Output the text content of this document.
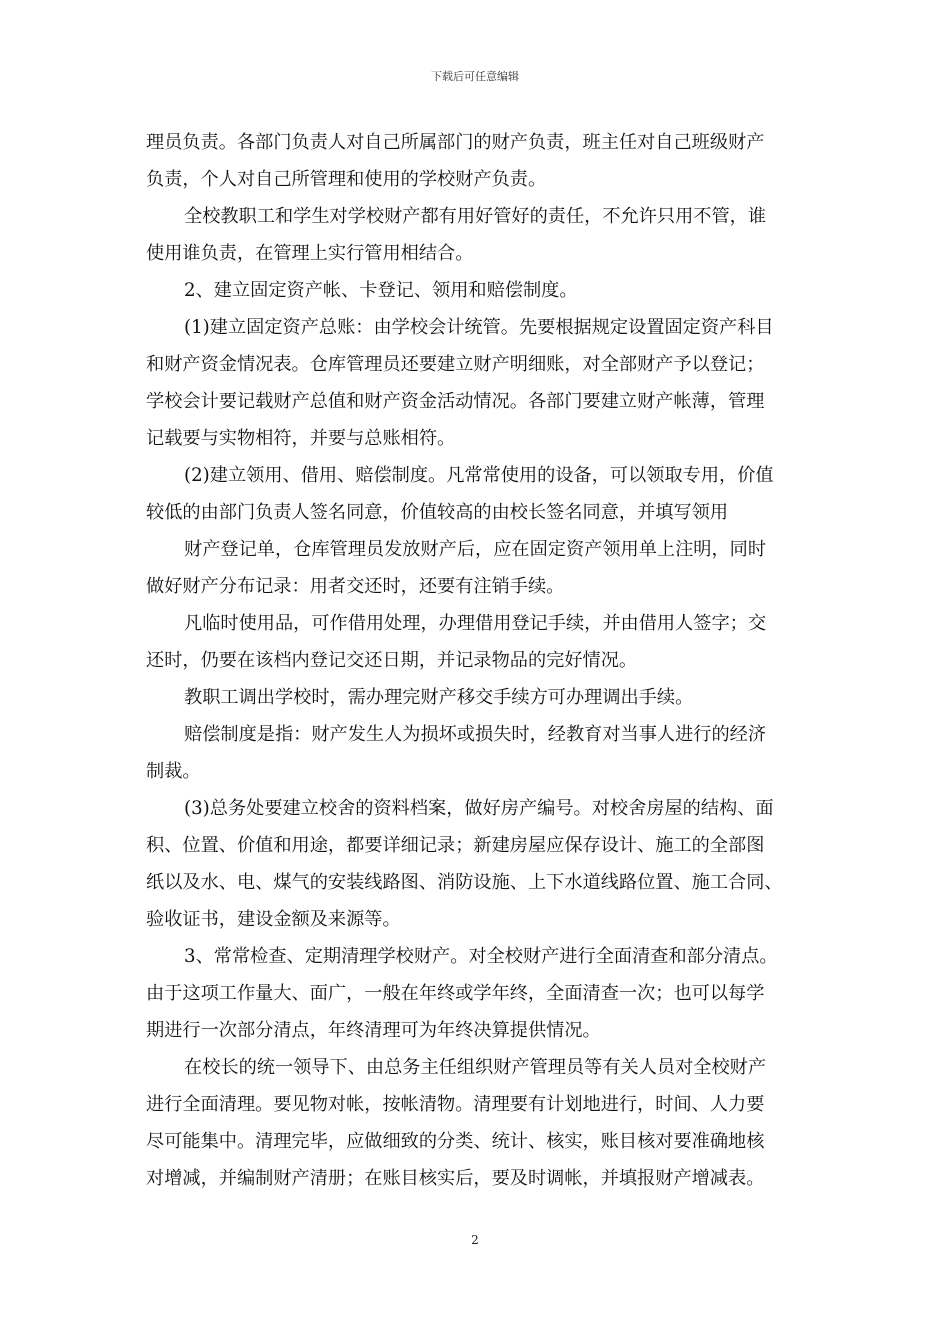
下载后可任意编辑
理员负责。各部门负责人对自己所属部门的财产负责，班主任对自己班级财产
负责，个人对自己所管理和使用的学校财产负责。
全校教职工和学生对学校财产都有用好管好的责任，不允许只用不管，谁
使用谁负责，在管理上实行管用相结合。
2、建立固定资产帐、卡登记、领用和赔偿制度。
(1)建立固定资产总账：由学校会计统管。先要根据规定设置固定资产科目
和财产资金情况表。仓库管理员还要建立财产明细账，对全部财产予以登记；
学校会计要记载财产总值和财产资金活动情况。各部门要建立财产帐薄，管理
记载要与实物相符，并要与总账相符。
(2)建立领用、借用、赔偿制度。凡常常使用的设备，可以领取专用，价值
较低的由部门负责人签名同意，价值较高的由校长签名同意，并填写领用
财产登记单，仓库管理员发放财产后，应在固定资产领用单上注明，同时
做好财产分布记录：用者交还时，还要有注销手续。
凡临时使用品，可作借用处理，办理借用登记手续，并由借用人签字；交
还时，仍要在该档内登记交还日期，并记录物品的完好情况。
教职工调出学校时，需办理完财产移交手续方可办理调出手续。
赔偿制度是指：财产发生人为损坏或损失时，经教育对当事人进行的经济
制裁。
(3)总务处要建立校舍的资料档案，做好房产编号。对校舍房屋的结构、面
积、位置、价值和用途，都要详细记录；新建房屋应保存设计、施工的全部图
纸以及水、电、煤气的安装线路图、消防设施、上下水道线路位置、施工合同、
验收证书，建设金额及来源等。
3、常常检查、定期清理学校财产。对全校财产进行全面清查和部分清点。
由于这项工作量大、面广，一般在年终或学年终，全面清查一次；也可以每学
期进行一次部分清点，年终清理可为年终决算提供情况。
在校长的统一领导下、由总务主任组织财产管理员等有关人员对全校财产
进行全面清理。要见物对帐，按帐清物。清理要有计划地进行，时间、人力要
尽可能集中。清理完毕，应做细致的分类、统计、核实，账目核对要准确地核
对增减，并编制财产清册；在账目核实后，要及时调帐，并填报财产增减表。
2
